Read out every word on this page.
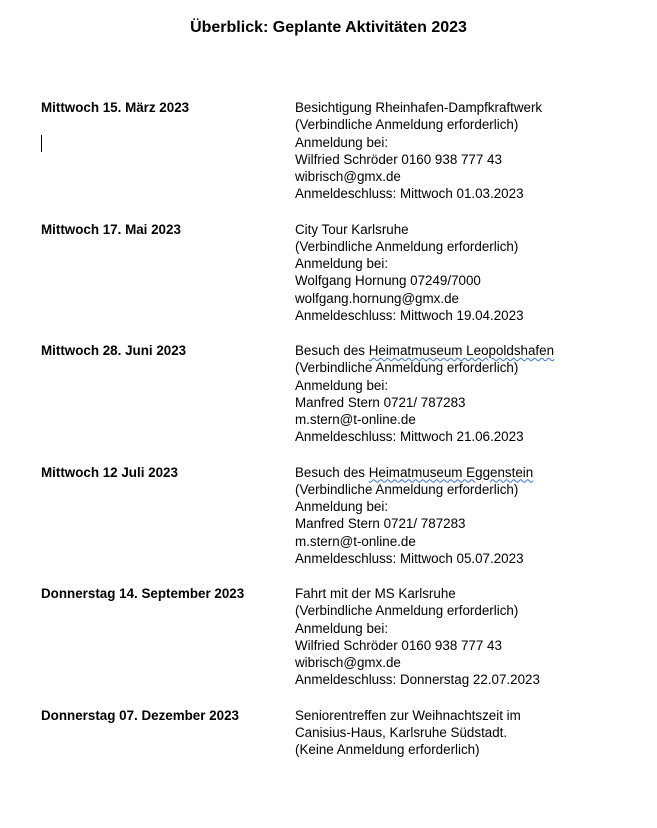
Überblick: Geplante Aktivitäten 2023
Mittwoch 15. März 2023	Besichtigung Rheinhafen-Dampfkraftwerk
(Verbindliche Anmeldung erforderlich)
Anmeldung bei:
Wilfried Schröder 0160 938 777 43
wibrisch@gmx.de
Anmeldeschluss: Mittwoch 01.03.2023
Mittwoch 17. Mai 2023	City Tour Karlsruhe
(Verbindliche Anmeldung erforderlich)
Anmeldung bei:
Wolfgang Hornung 07249/7000
wolfgang.hornung@gmx.de
Anmeldeschluss: Mittwoch 19.04.2023
Mittwoch 28. Juni 2023	Besuch des Heimatmuseum Leopoldshafen
(Verbindliche Anmeldung erforderlich)
Anmeldung bei:
Manfred Stern 0721/ 787283
m.stern@t-online.de
Anmeldeschluss: Mittwoch 21.06.2023
Mittwoch 12 Juli 2023	Besuch des Heimatmuseum Eggenstein
(Verbindliche Anmeldung erforderlich)
Anmeldung bei:
Manfred Stern 0721/ 787283
m.stern@t-online.de
Anmeldeschluss: Mittwoch 05.07.2023
Donnerstag 14. September 2023	Fahrt mit der MS Karlsruhe
(Verbindliche Anmeldung erforderlich)
Anmeldung bei:
Wilfried Schröder 0160 938 777 43
wibrisch@gmx.de
Anmeldeschluss: Donnerstag 22.07.2023
Donnerstag 07. Dezember 2023	Seniorentreffen zur Weihnachtszeit im
Canisius-Haus, Karlsruhe Südstadt.
(Keine Anmeldung erforderlich)
